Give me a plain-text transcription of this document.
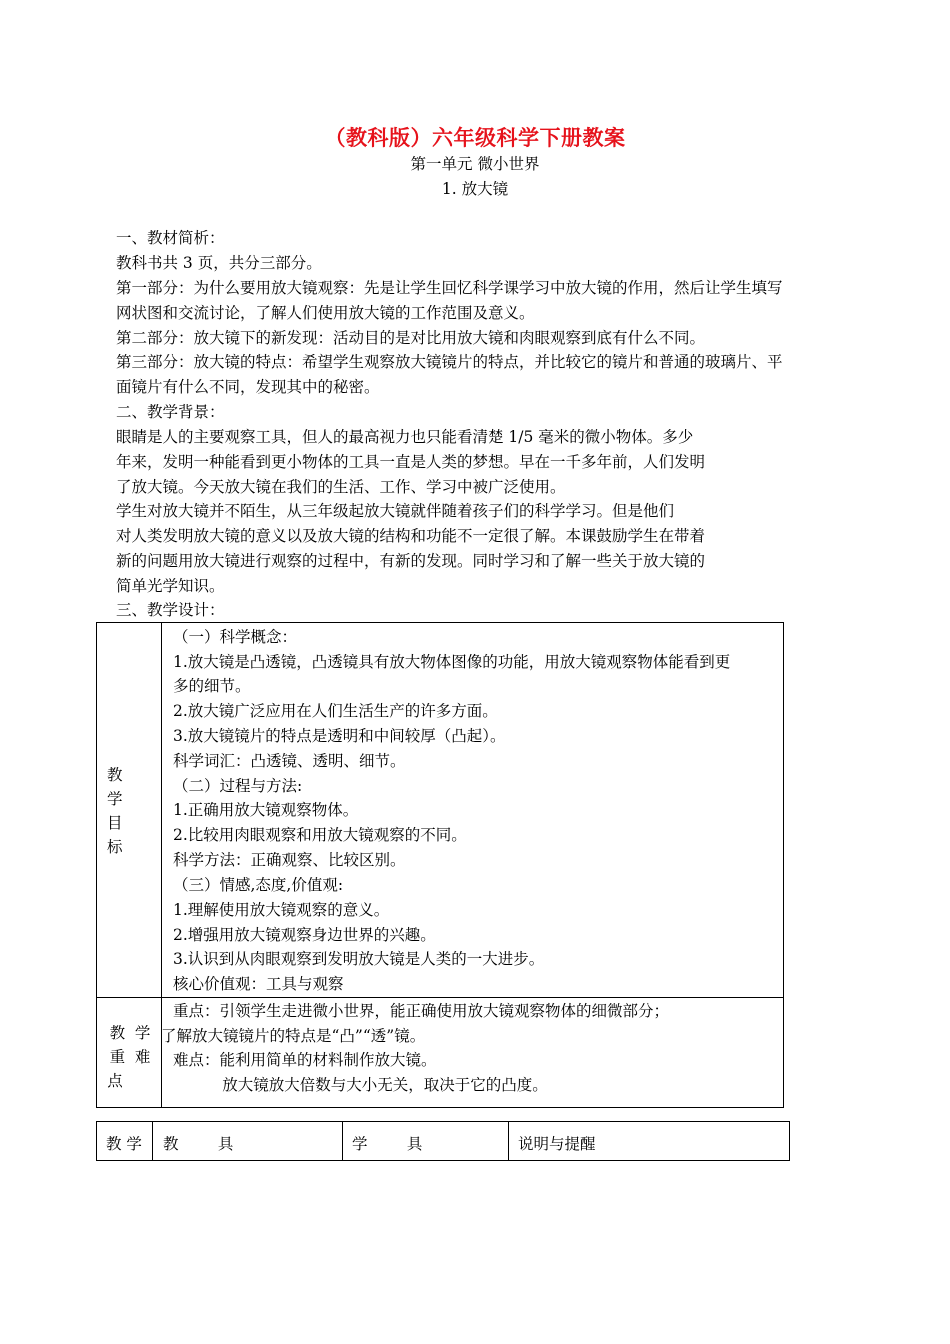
（教科版）六年级科学下册教案
第一单元 微小世界
1. 放大镜
一、教材简析：
教科书共 3 页，共分三部分。
第一部分：为什么要用放大镜观察：先是让学生回忆科学课学习中放大镜的作用，然后让学生填写
网状图和交流讨论，了解人们使用放大镜的工作范围及意义。
第二部分：放大镜下的新发现：活动目的是对比用放大镜和肉眼观察到底有什么不同。
第三部分：放大镜的特点：希望学生观察放大镜镜片的特点，并比较它的镜片和普通的玻璃片、平
面镜片有什么不同，发现其中的秘密。
二、教学背景：
眼睛是人的主要观察工具，但人的最高视力也只能看清楚 1/5 毫米的微小物体。多少
年来，发明一种能看到更小物体的工具一直是人类的梦想。早在一千多年前，人们发明
了放大镜。今天放大镜在我们的生活、工作、学习中被广泛使用。
学生对放大镜并不陌生，从三年级起放大镜就伴随着孩子们的科学学习。但是他们
对人类发明放大镜的意义以及放大镜的结构和功能不一定很了解。本课鼓励学生在带着
新的问题用放大镜进行观察的过程中，有新的发现。同时学习和了解一些关于放大镜的
简单光学知识。
三、教学设计：
教
学
目
标
（一）科学概念：
1.放大镜是凸透镜，凸透镜具有放大物体图像的功能，用放大镜观察物体能看到更
多的细节。
2.放大镜广泛应用在人们生活生产的许多方面。
3.放大镜镜片的特点是透明和中间较厚（凸起）。
科学词汇：凸透镜、透明、细节。
（二）过程与方法:
1.正确用放大镜观察物体。
2.比较用肉眼观察和用放大镜观察的不同。
科学方法：正确观察、比较区别。
（三）情感,态度,价值观:
1.理解使用放大镜观察的意义。
2.增强用放大镜观察身边世界的兴趣。
3.认识到从肉眼观察到发明放大镜是人类的一大进步。
核心价值观：工具与观察
教  学
重  难
点
重点：引领学生走进微小世界，能正确使用放大镜观察物体的细微部分；
了解放大镜镜片的特点是“凸”“透”镜。
难点：能利用简单的材料制作放大镜。
放大镜放大倍数与大小无关，取决于它的凸度。
教 学 教        具	学        具	说明与提醒
